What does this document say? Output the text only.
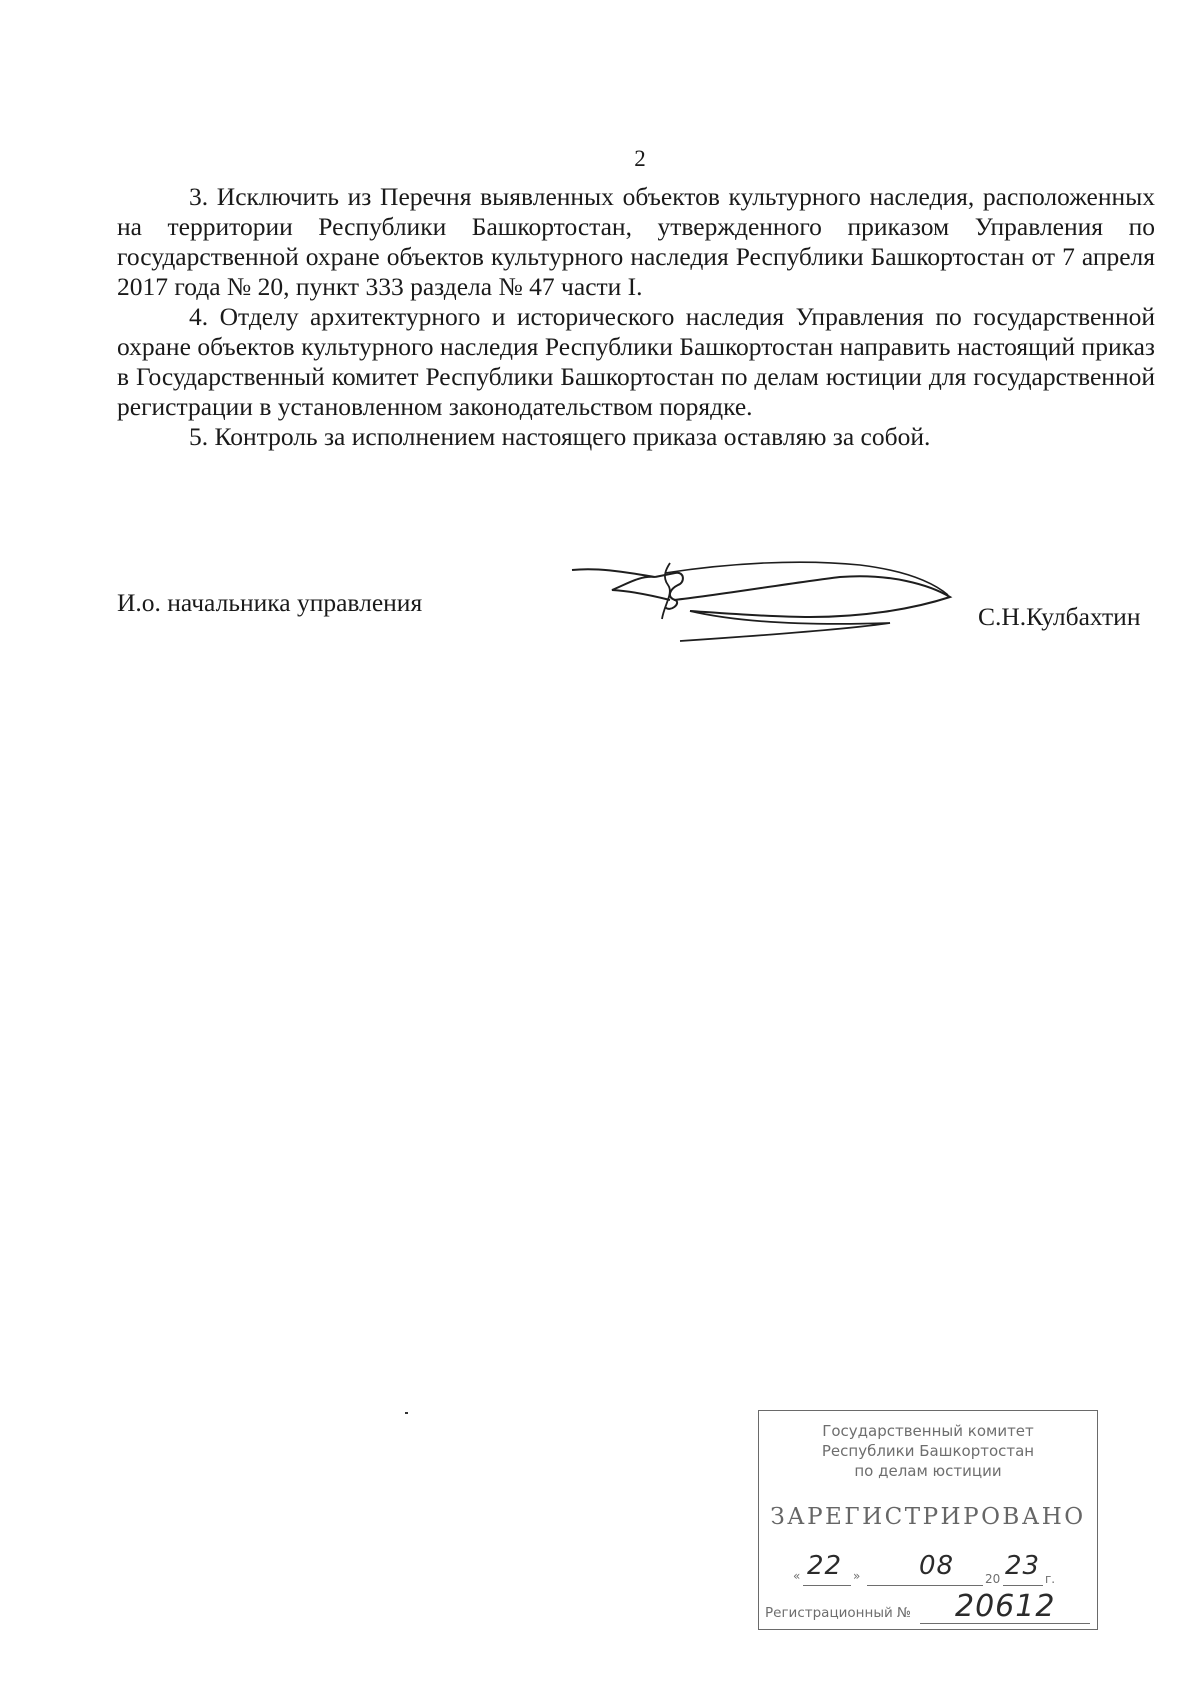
2

3. Исключить из Перечня выявленных объектов культурного наследия, расположенных на территории Республики Башкортостан, утвержденного приказом Управления по государственной охране объектов культурного наследия Республики Башкортостан от 7 апреля 2017 года № 20, пункт 333 раздела № 47 части I.

4. Отделу архитектурного и исторического наследия Управления по государственной охране объектов культурного наследия Республики Башкортостан направить настоящий приказ в Государственный комитет Республики Башкортостан по делам юстиции для государственной регистрации в установленном законодательством порядке.

5. Контроль за исполнением настоящего приказа оставляю за собой.

И.о. начальника управления	С.Н.Кулбахтин
Государственный комитет
Республики Башкортостан
по делам юстиции
ЗАРЕГИСТРИРОВАНО
« 22 » 08	20 23 г.
Регистрационный № 20612
